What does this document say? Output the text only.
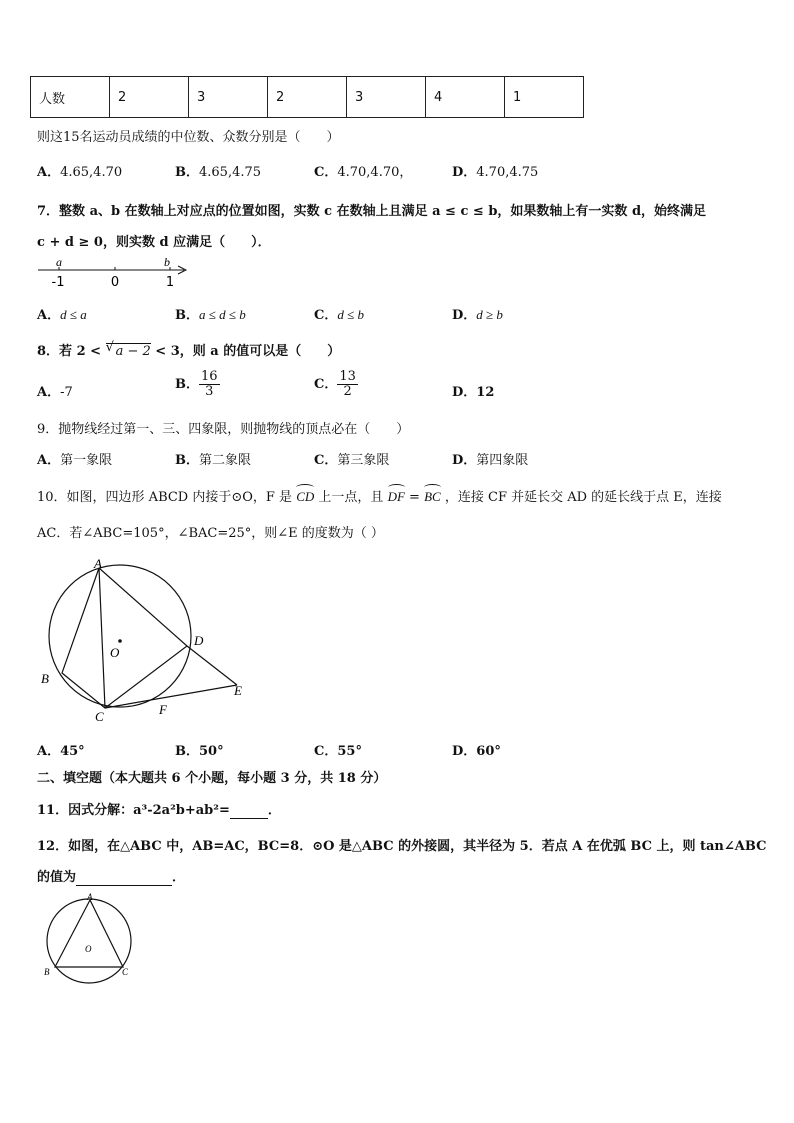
人数	2	3	2	3	4	1
则这15名运动员成绩的中位数、众数分别是（　　）
A．4.65,4.70	B．4.65,4.75	C．4.70,4.70，	D．4.70,4.75
7．整数 a、b 在数轴上对应点的位置如图，实数 c 在数轴上且满足 a ≤ c ≤ b，如果数轴上有一实数 d，始终满足
c + d ≥ 0，则实数 d 应满足（　　）．
a	b
-1	0	1
A．d ≤ a	B．a ≤ d ≤ b	C．d ≤ b	D．d ≥ b
8．若 2 < √ a − 2 < 3，则 a 的值可以是（　　）
A．-7
B． $\frac{16}{3}$	C． $\frac{13}{2}$	D．12
9．抛物线经过第一、三、四象限，则抛物线的顶点必在（　　）
A．第一象限	B．第二象限	C．第三象限	D．第四象限
10．如图，四边形 ABCD 内接于⊙O，F 是 CD 上一点，且 DF = BC ，连接 CF 并延长交 AD 的延长线于点 E，连接
AC．若∠ABC=105°，∠BAC=25°，则∠E 的度数为（ ）
A
B
C
D
E
F
O
A．45°	B．50°	C．55°	D．60°
二、填空题（本大题共 6 个小题，每小题 3 分，共 18 分）
11．因式分解：a³-2a²b+ab²=	．
12．如图，在△ABC 中，AB=AC，BC=8．⊙O 是△ABC 的外接圆，其半径为 5．若点 A 在优弧 BC 上，则 tan∠ABC
的值为	．
A
B	C
O
